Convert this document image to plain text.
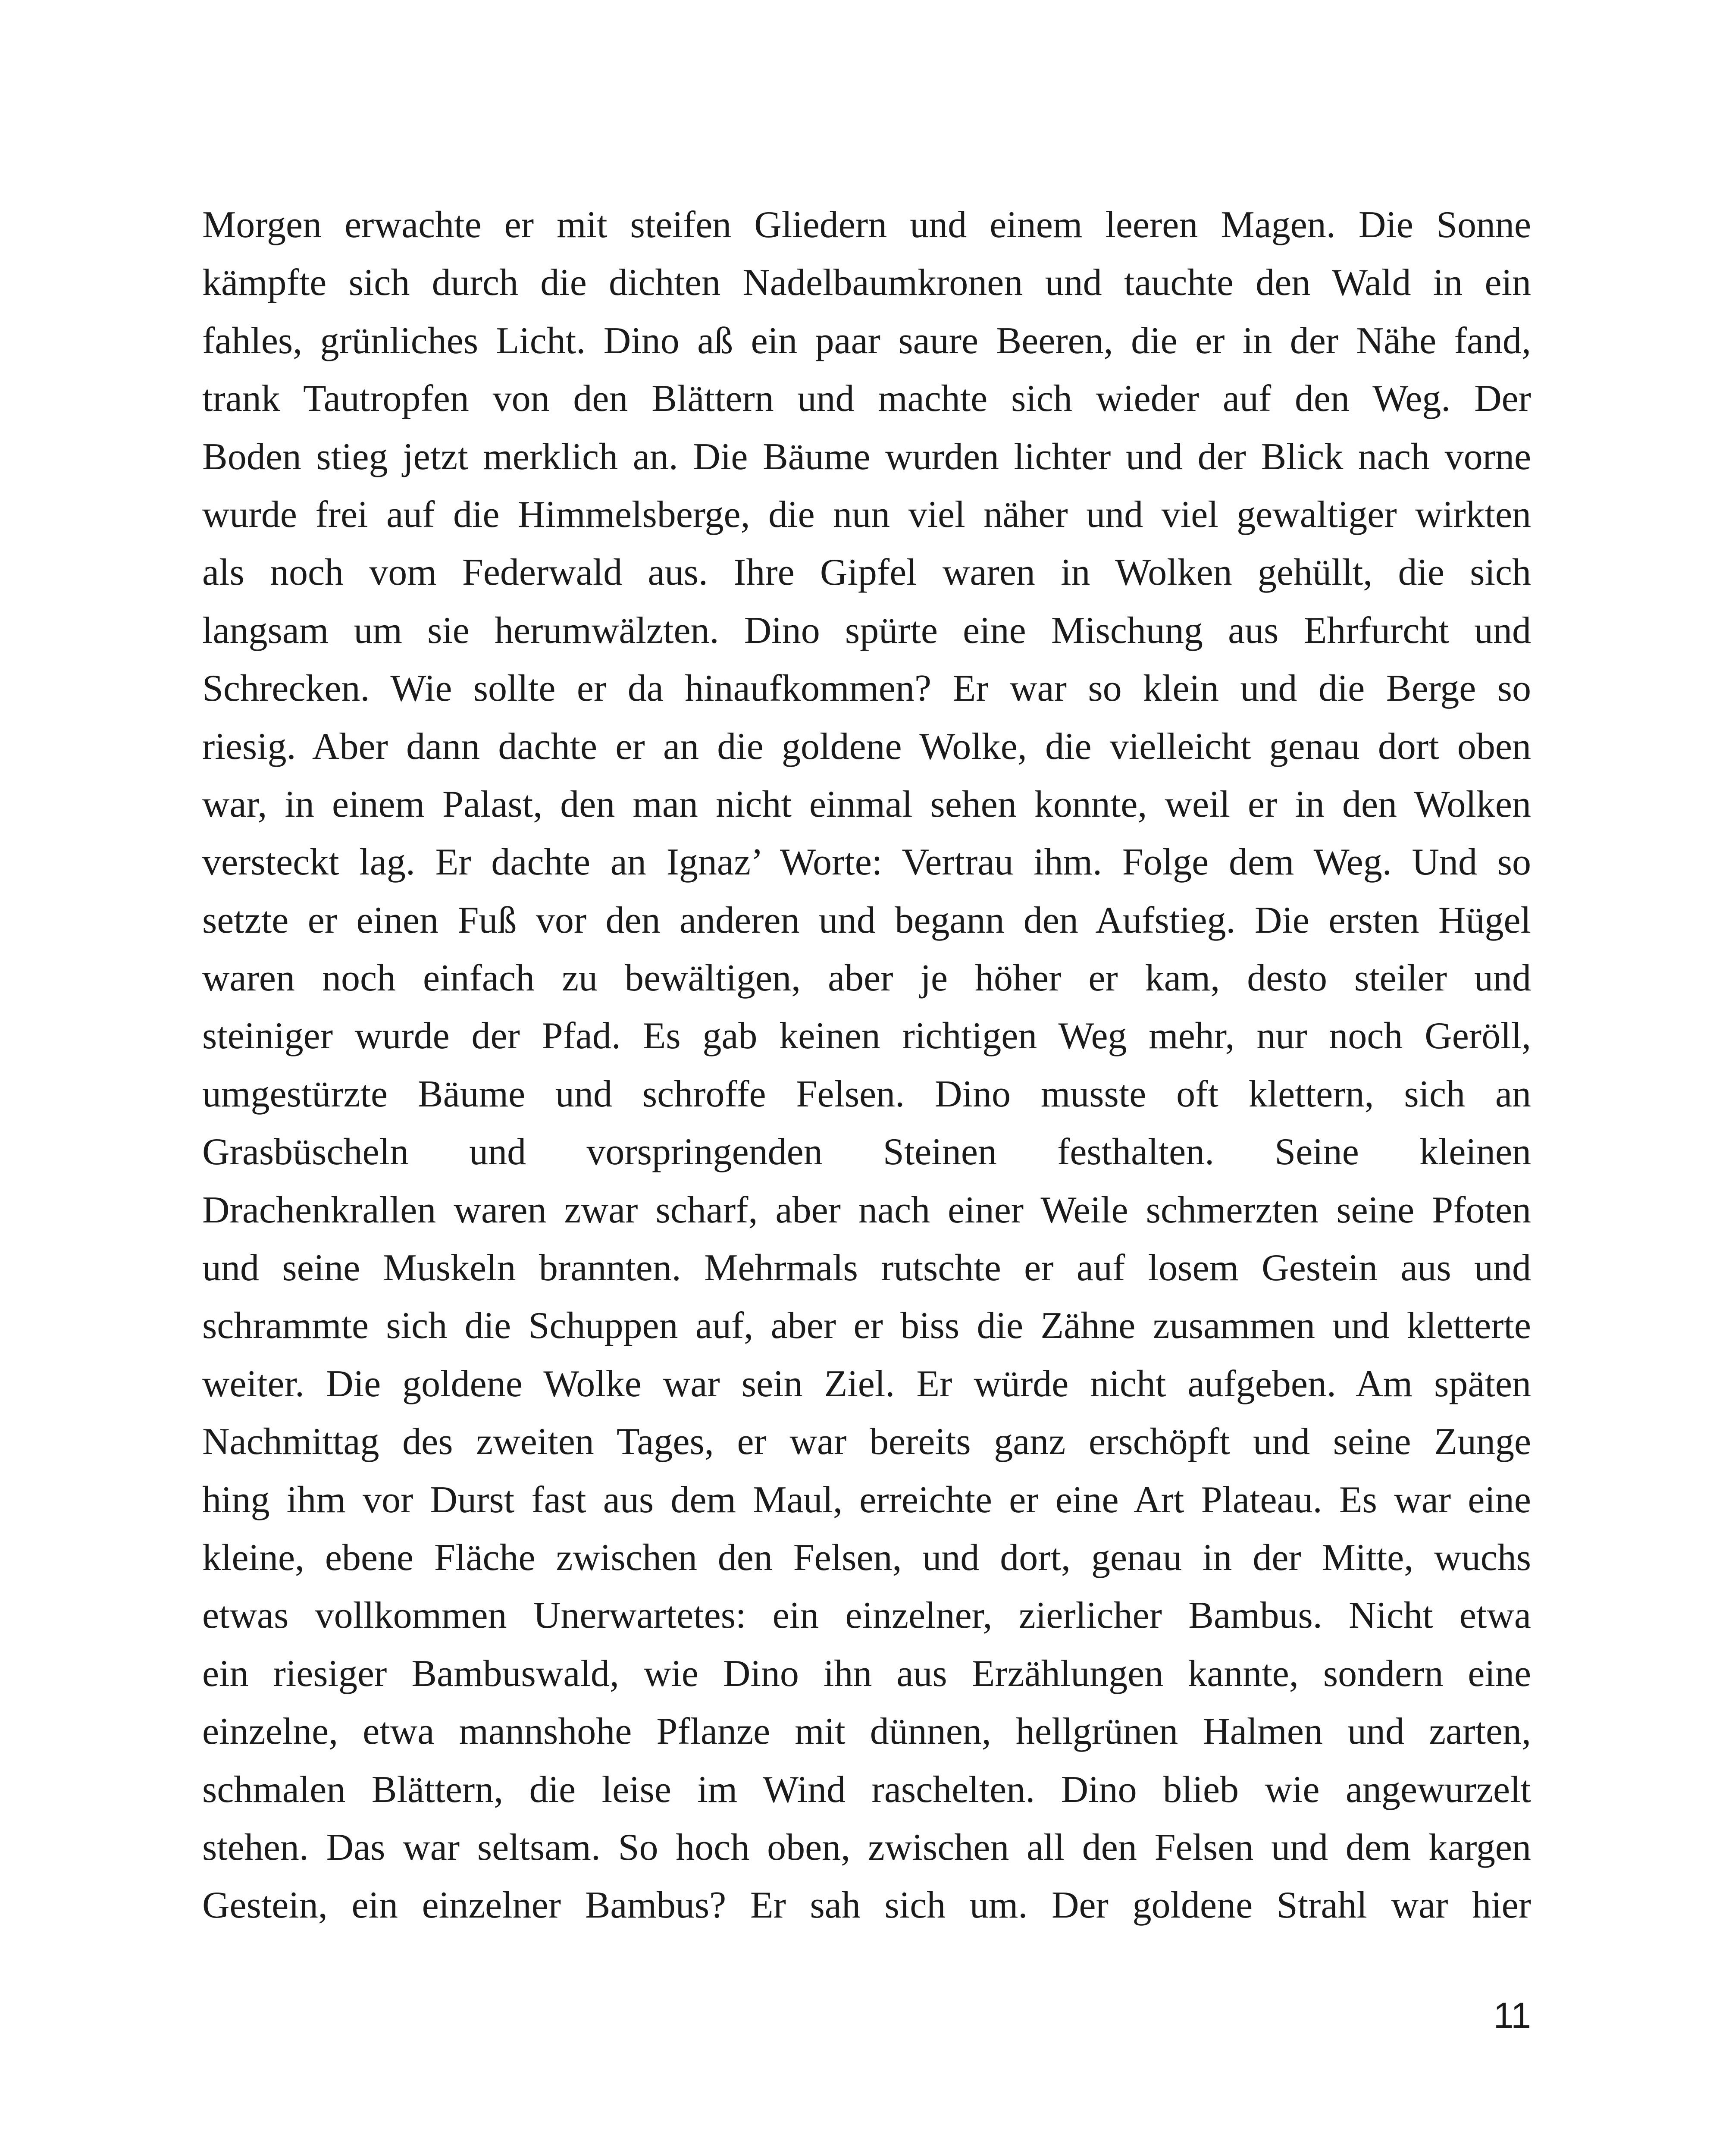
Morgen erwachte er mit steifen Gliedern und einem leeren Magen. Die Sonne
kämpfte sich durch die dichten Nadelbaumkronen und tauchte den Wald in ein
fahles, grünliches Licht. Dino aß ein paar saure Beeren, die er in der Nähe fand,
trank Tautropfen von den Blättern und machte sich wieder auf den Weg. Der
Boden stieg jetzt merklich an. Die Bäume wurden lichter und der Blick nach vorne
wurde frei auf die Himmelsberge, die nun viel näher und viel gewaltiger wirkten
als noch vom Federwald aus. Ihre Gipfel waren in Wolken gehüllt, die sich
langsam um sie herumwälzten. Dino spürte eine Mischung aus Ehrfurcht und
Schrecken. Wie sollte er da hinaufkommen? Er war so klein und die Berge so
riesig. Aber dann dachte er an die goldene Wolke, die vielleicht genau dort oben
war, in einem Palast, den man nicht einmal sehen konnte, weil er in den Wolken
versteckt lag. Er dachte an Ignaz’ Worte: Vertrau ihm. Folge dem Weg. Und so
setzte er einen Fuß vor den anderen und begann den Aufstieg. Die ersten Hügel
waren noch einfach zu bewältigen, aber je höher er kam, desto steiler und
steiniger wurde der Pfad. Es gab keinen richtigen Weg mehr, nur noch Geröll,
umgestürzte Bäume und schroffe Felsen. Dino musste oft klettern, sich an
Grasbüscheln und vorspringenden Steinen festhalten. Seine kleinen
Drachenkrallen waren zwar scharf, aber nach einer Weile schmerzten seine Pfoten
und seine Muskeln brannten. Mehrmals rutschte er auf losem Gestein aus und
schrammte sich die Schuppen auf, aber er biss die Zähne zusammen und kletterte
weiter. Die goldene Wolke war sein Ziel. Er würde nicht aufgeben. Am späten
Nachmittag des zweiten Tages, er war bereits ganz erschöpft und seine Zunge
hing ihm vor Durst fast aus dem Maul, erreichte er eine Art Plateau. Es war eine
kleine, ebene Fläche zwischen den Felsen, und dort, genau in der Mitte, wuchs
etwas vollkommen Unerwartetes: ein einzelner, zierlicher Bambus. Nicht etwa
ein riesiger Bambuswald, wie Dino ihn aus Erzählungen kannte, sondern eine
einzelne, etwa mannshohe Pflanze mit dünnen, hellgrünen Halmen und zarten,
schmalen Blättern, die leise im Wind raschelten. Dino blieb wie angewurzelt
stehen. Das war seltsam. So hoch oben, zwischen all den Felsen und dem kargen
Gestein, ein einzelner Bambus? Er sah sich um. Der goldene Strahl war hier
11
